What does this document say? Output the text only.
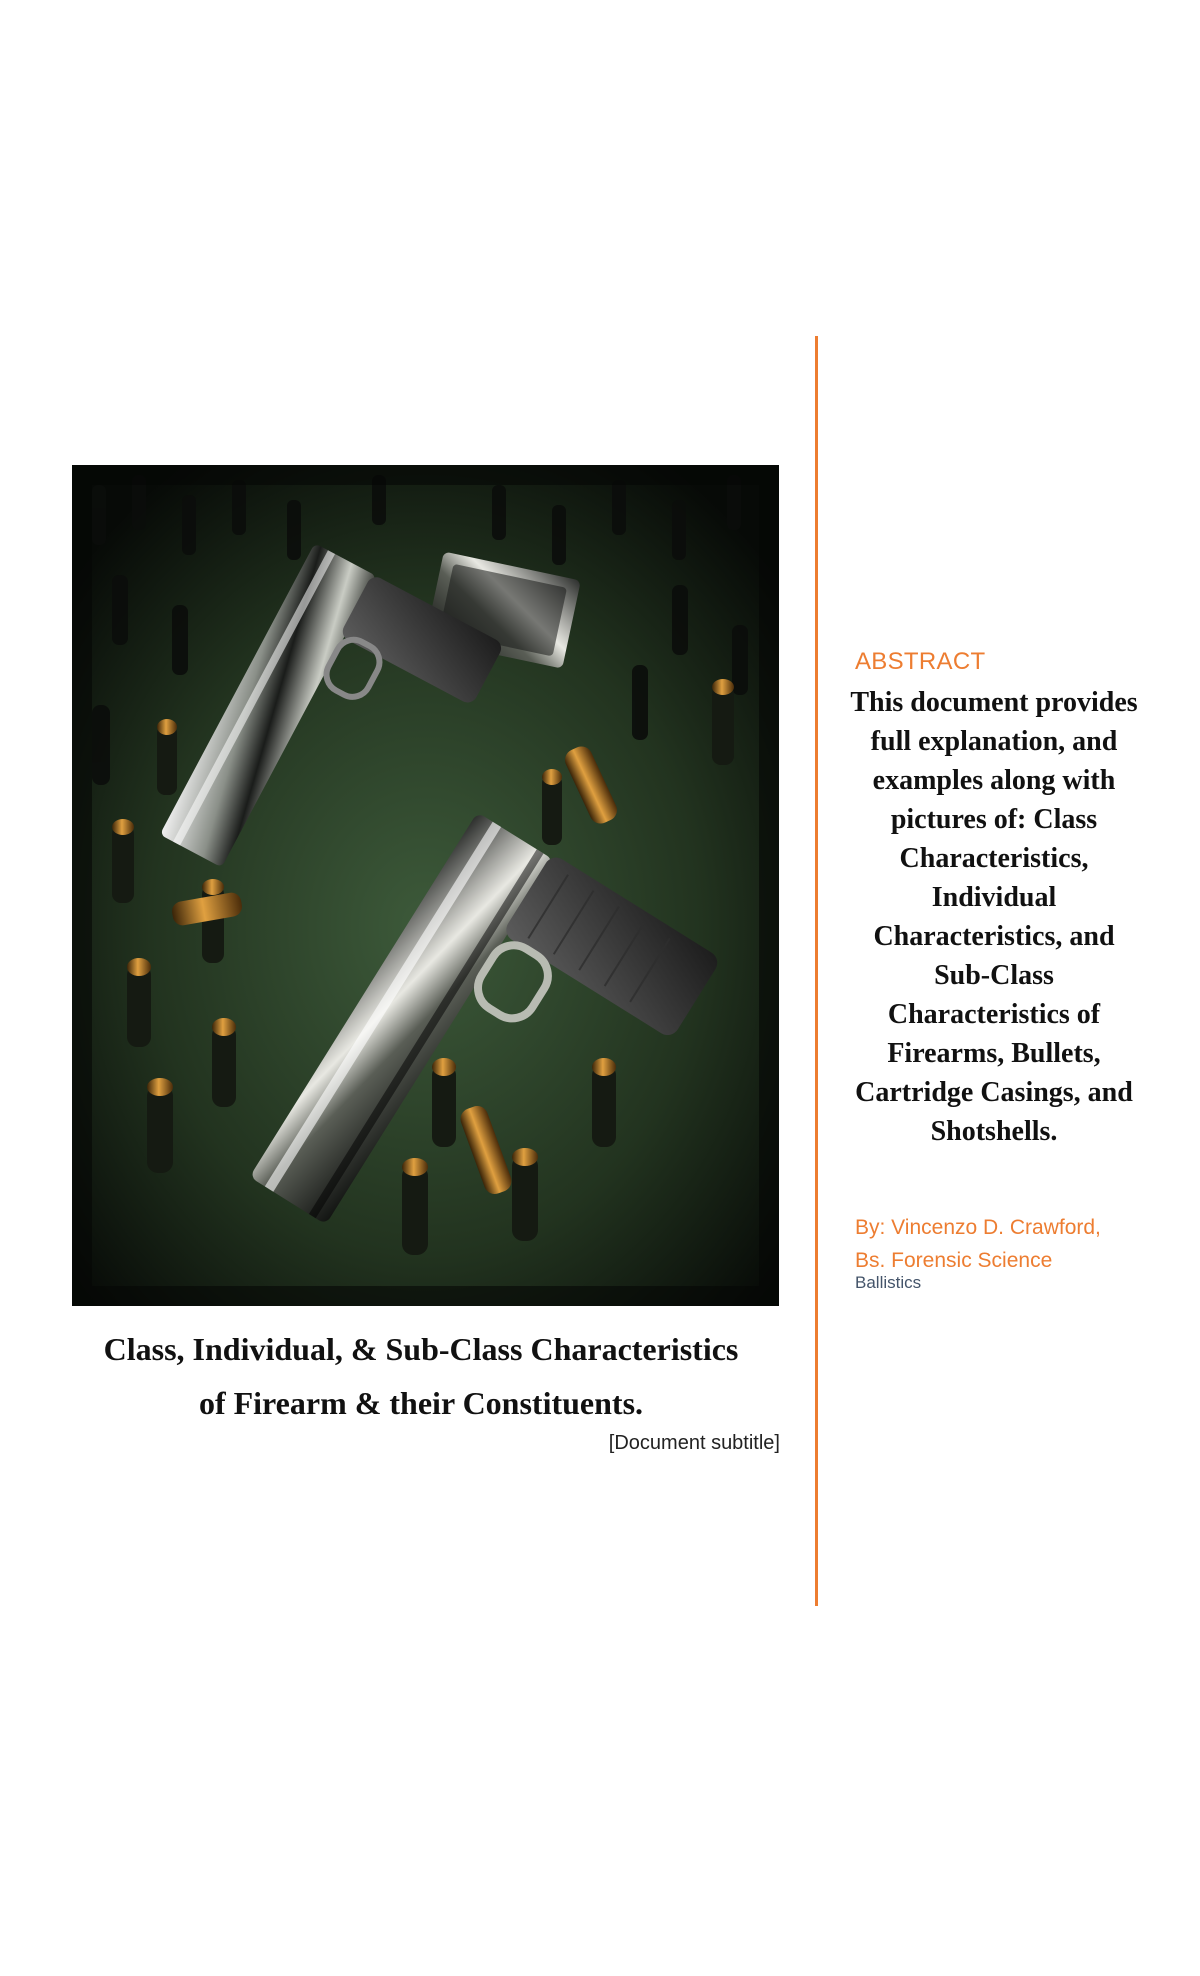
Class, Individual, & Sub-Class Characteristics
of Firearm & their Constituents.
[Document subtitle]
ABSTRACT

This document provides full explanation, and examples along with pictures of: Class Characteristics, Individual Characteristics, and Sub-Class Characteristics of Firearms, Bullets, Cartridge Casings, and Shotshells.

By: Vincenzo D. Crawford,
Bs. Forensic Science
Ballistics
